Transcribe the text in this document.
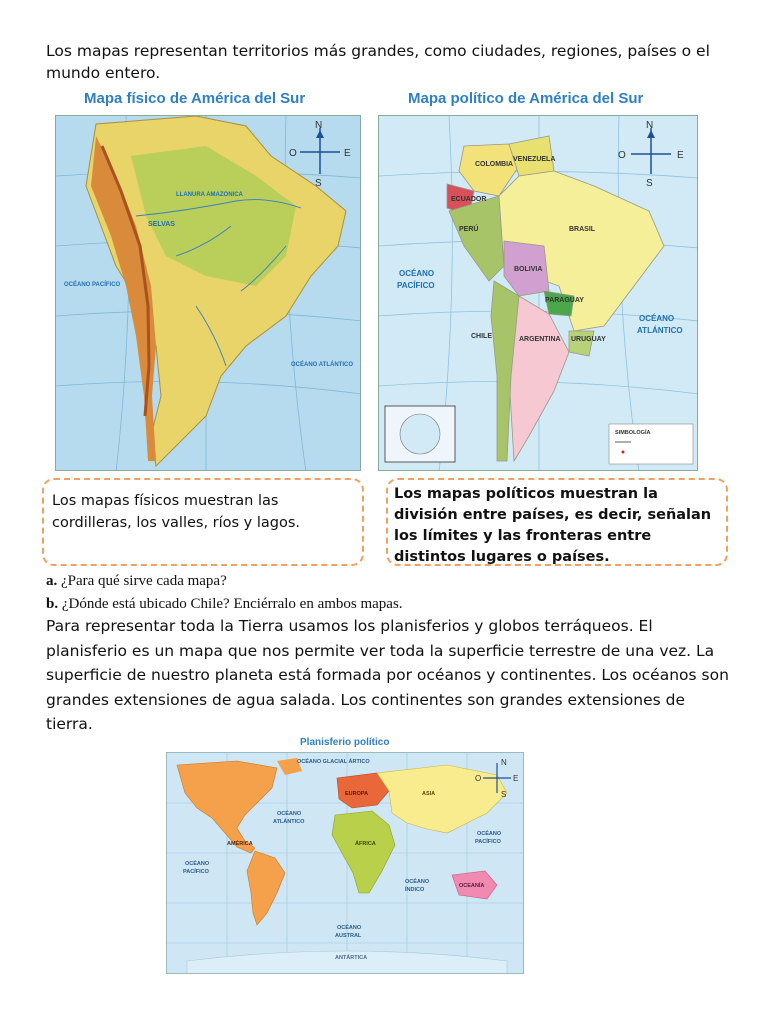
Los mapas representan territorios más grandes, como ciudades, regiones, países o el mundo entero.
Mapa físico de América del Sur	Mapa político de América del Sur
SELVAS
LLANURA AMAZONICA
OCÉANO PACÍFICO
OCÉANO ATLÁNTICO
N
S
O	E
COLOMBIA
VENEZUELA
ECUADOR
PERÚ	BRASIL
BOLIVIA
PARAGUAY
URUGUAY
ARGENTINA
CHILE
OCÉANO
PACÍFICO
OCÉANO
ATLÁNTICO
SIMBOLOGÍA
N
S
O	E
Los mapas físicos muestran las cordilleras, los valles, ríos y lagos.
Los mapas políticos muestran la división entre países, es decir, señalan los límites y las fronteras entre distintos lugares o países.
a. ¿Para qué sirve cada mapa?
b. ¿Dónde está ubicado Chile? Enciérralo en ambos mapas.
Para representar toda la Tierra usamos los planisferios y globos terráqueos. El planisferio es un mapa que nos permite ver toda la superficie terrestre de una vez. La superficie de nuestro planeta está formada por océanos y continentes. Los océanos son grandes extensiones de agua salada. Los continentes son grandes extensiones de tierra.
Planisferio político
OCÉANO GLACIAL ÁRTICO
EUROPA	ASIA
OCÉANO
ATLÁNTICO
AMÉRICA	ÁFRICA
OCÉANO
PACÍFICO
OCÉANO
PACÍFICO
OCÉANO
ÍNDICO
OCEANÍA
OCÉANO
AUSTRAL
ANTÁRTICA
N
S
O	E
